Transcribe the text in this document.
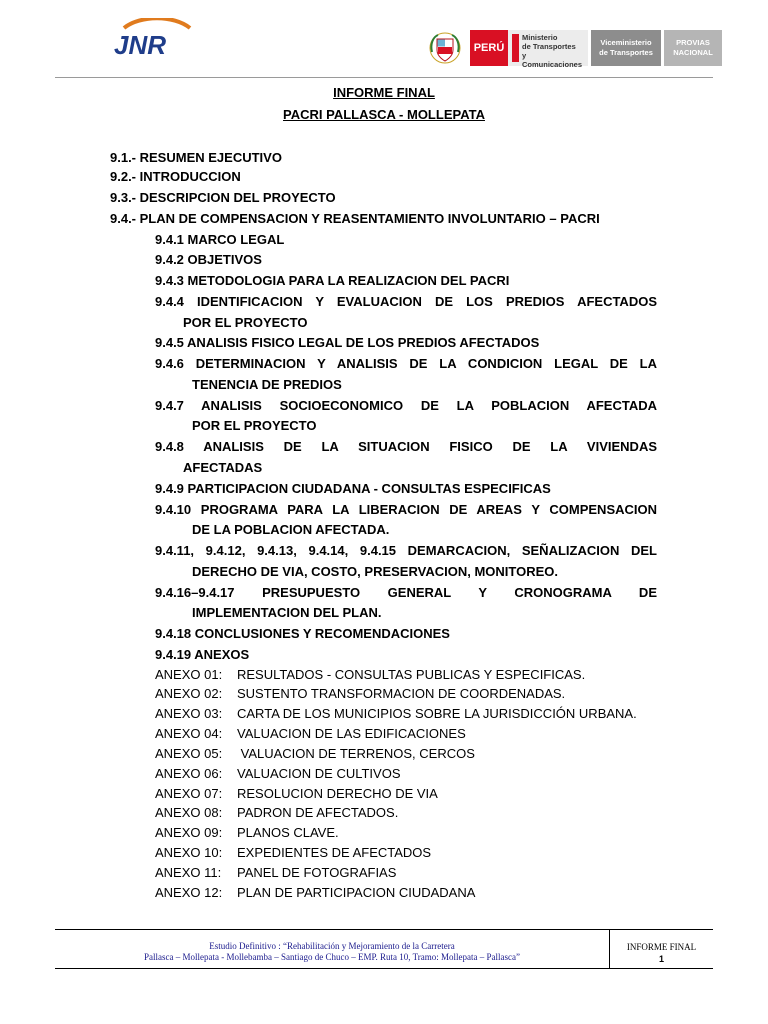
JNR	PERÚ
Ministerio
de Transportes
y Comunicaciones
Viceministerio
de Transportes
PROVIAS
NACIONAL
INFORME FINAL
PACRI PALLASCA - MOLLEPATA
9.1.- RESUMEN EJECUTIVO
9.2.- INTRODUCCION
9.3.- DESCRIPCION DEL PROYECTO
9.4.- PLAN DE COMPENSACION Y REASENTAMIENTO INVOLUNTARIO – PACRI
9.4.1 MARCO LEGAL
9.4.2 OBJETIVOS
9.4.3 METODOLOGIA PARA LA REALIZACION DEL PACRI
9.4.4 IDENTIFICACION Y EVALUACION DE LOS PREDIOS AFECTADOS
POR EL PROYECTO
9.4.5 ANALISIS FISICO LEGAL DE LOS PREDIOS AFECTADOS
9.4.6 DETERMINACION Y ANALISIS DE LA CONDICION LEGAL DE LA
TENENCIA DE PREDIOS
9.4.7 ANALISIS SOCIOECONOMICO DE LA POBLACION AFECTADA
POR EL PROYECTO
9.4.8 ANALISIS DE LA SITUACION FISICO DE LA VIVIENDAS
AFECTADAS
9.4.9 PARTICIPACION CIUDADANA - CONSULTAS ESPECIFICAS
9.4.10 PROGRAMA PARA LA LIBERACION DE AREAS Y COMPENSACION
DE LA POBLACION AFECTADA.
9.4.11, 9.4.12, 9.4.13, 9.4.14, 9.4.15 DEMARCACION, SEÑALIZACION DEL
DERECHO DE VIA, COSTO, PRESERVACION, MONITOREO.
9.4.16–9.4.17 PRESUPUESTO GENERAL Y CRONOGRAMA DE
IMPLEMENTACION DEL PLAN.
9.4.18 CONCLUSIONES Y RECOMENDACIONES
9.4.19 ANEXOS
ANEXO 01: RESULTADOS - CONSULTAS PUBLICAS Y ESPECIFICAS.
ANEXO 02: SUSTENTO TRANSFORMACION DE COORDENADAS.
ANEXO 03: CARTA DE LOS MUNICIPIOS SOBRE LA JURISDICCIÓN URBANA.
ANEXO 04: VALUACION DE LAS EDIFICACIONES
ANEXO 05: VALUACION DE TERRENOS, CERCOS
ANEXO 06: VALUACION DE CULTIVOS
ANEXO 07: RESOLUCION DERECHO DE VIA
ANEXO 08: PADRON DE AFECTADOS.
ANEXO 09: PLANOS CLAVE.
ANEXO 10: EXPEDIENTES DE AFECTADOS
ANEXO 11: PANEL DE FOTOGRAFIAS
ANEXO 12: PLAN DE PARTICIPACION CIUDADANA
Estudio Definitivo : “Rehabilitación y Mejoramiento de la Carretera
Pallasca – Mollepata - Mollebamba – Santiago de Chuco – EMP. Ruta 10, Tramo: Mollepata – Pallasca”
INFORME FINAL
1
